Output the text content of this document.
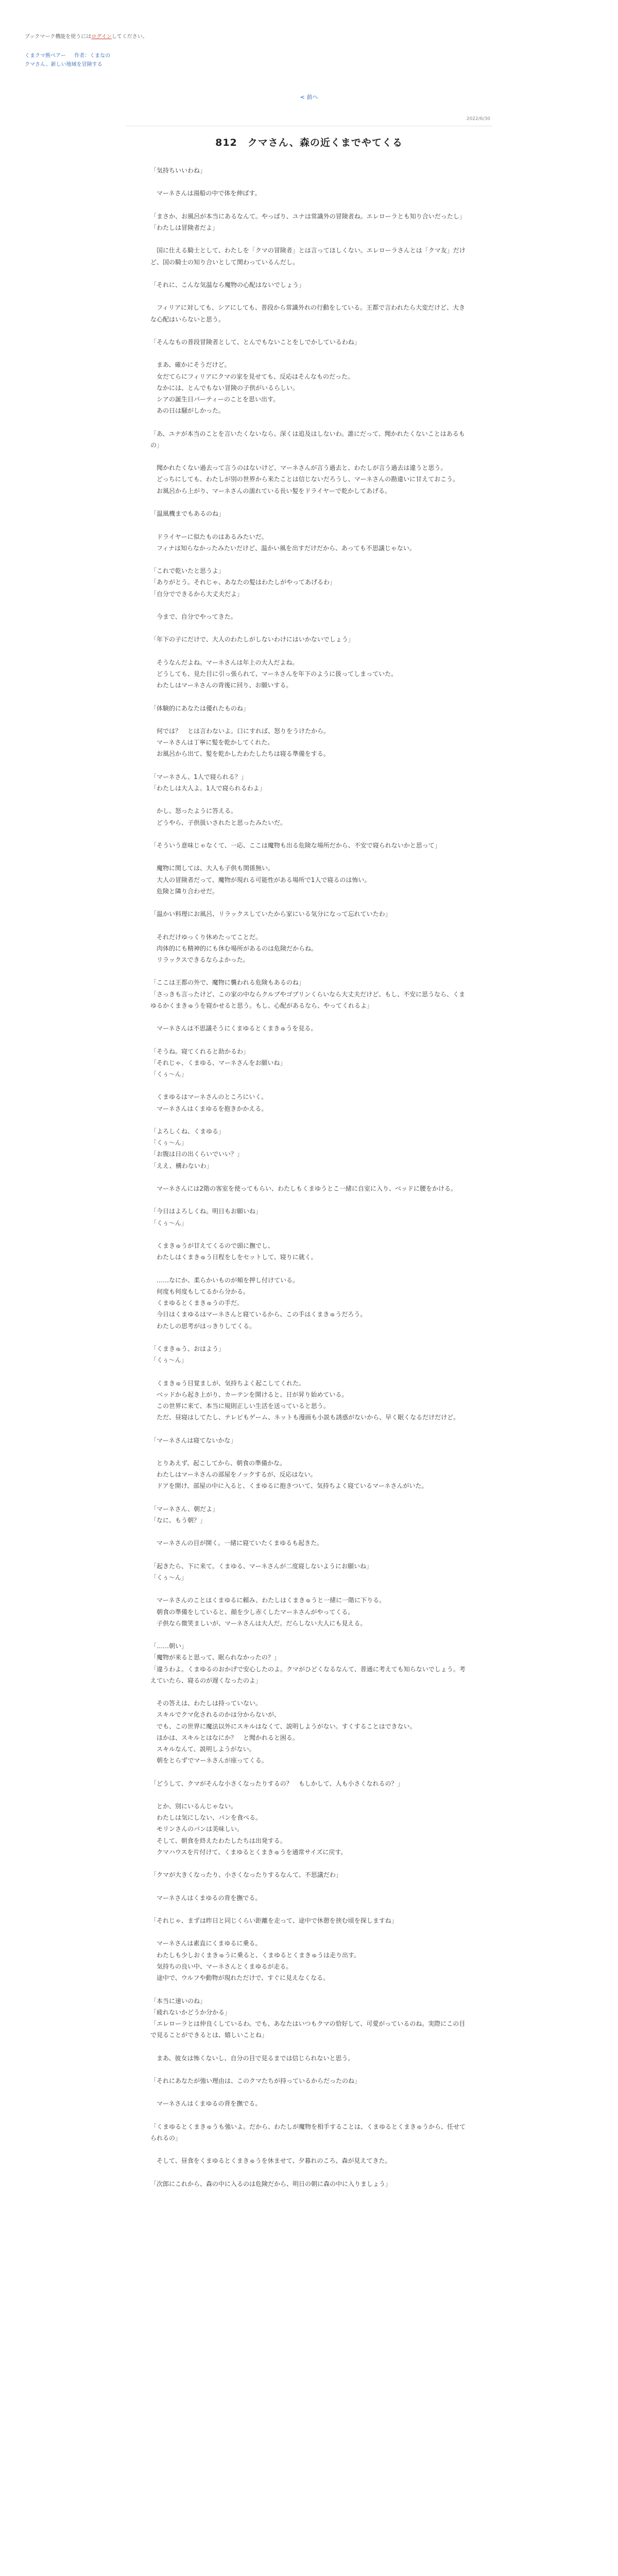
ブックマーク機能を使うにはログインしてください。
くまクマ熊ベアー 　 作者：くまなの
クマさん、新しい地域を冒険する
< 前へ
2022/6/30
812　クマさん、森の近くまでやてくる

「気持ちいいわね」

　マーネさんは湯船の中で体を伸ばす。

「まさか、お風呂が本当にあるなんて。やっぱり、ユナは常識外の冒険者ね。エレローラとも知り合いだったし」

「わたしは冒険者だよ」

　国に仕える騎士として、わたしを「クマの冒険者」とは言ってほしくない。エレローラさんとは「クマ友」だけど、国の騎士の知り合いとして関わっているんだし。

「それに、こんな気温なら魔物の心配はないでしょう」

　フィリアに対しても、シアにしても、普段から常識外れの行動をしている。王都で言われたら大変だけど、大きな心配はいらないと思う。

「そんなもの普段冒険者として、とんでもないことをしでかしているわね」

　まあ、確かにそうだけど。

　女だてらにフィリアにクマの家を見せても、反応はそんなものだった。

　なかには、とんでもない冒険の子供がいるらしい。

　シアの誕生日パーティーのことを思い出す。

　あの日は騒がしかった。

「あ、ユナが本当のことを言いたくないなら、深くは追及はしないわ。誰にだって、聞かれたくないことはあるもの」

　聞かれたくない過去って言うのはないけど、マーネさんが言う過去と、わたしが言う過去は違うと思う。

　どっちにしても、わたしが別の世界から来たことは信じないだろうし、マーネさんの勘違いに甘えておこう。

　お風呂から上がり、マーネさんの濡れている長い髪をドライヤーで乾かしてあげる。

「温風機までもあるのね」

　ドライヤーに似たものはあるみたいだ。

　フィナは知らなかったみたいだけど、温かい風を出すだけだから、あっても不思議じゃない。

「これで乾いたと思うよ」

「ありがとう。それじゃ、あなたの髪はわたしがやってあげるわ」

「自分でできるから大丈夫だよ」

　今まで、自分でやってきた。

「年下の子にだけで、大人のわたしがしないわけにはいかないでしょう」

　そうなんだよね。マーネさんは年上の大人だよね。

　どうしても、見た目に引っ張られて、マーネさんを年下のように扱ってしまっていた。

　わたしはマーネさんの背後に回り、お願いする。

「体験的にあなたは優れたものね」

　何では？　とは言わないよ。口にすれば、怒りをうけたから。

　マーネさんは丁寧に髪を乾かしてくれた。

　お風呂から出て、髪を乾かしたわたしたちは寝る準備をする。

「マーネさん、1人で寝られる？」

「わたしは大人よ。1人で寝られるわよ」

　かし、怒ったように答える。

　どうやら、子供扱いされたと思ったみたいだ。

「そういう意味じゃなくて、一応、ここは魔物も出る危険な場所だから、不安で寝られないかと思って」

　魔物に関しては、大人も子供も関係無い。

　大人の冒険者だって、魔物が現れる可能性がある場所で1人で寝るのは怖い。

　危険と隣り合わせだ。

「温かい料理にお風呂、リラックスしていたから家にいる気分になって忘れていたわ」

　それだけゆっくり休めたってことだ。

　肉体的にも精神的にも休む場所があるのは危険だからね。

　リラックスできるならよかった。

「ここは王都の外で、魔物に襲われる危険もあるのね」

「さっきも言ったけど、この家の中ならクルブやゴブリンくらいなら大丈夫だけど、もし、不安に思うなら、くまゆるかくまきゅうを寝かせると思う。もし、心配があるなら、やってくれるよ」

　マーネさんは不思議そうにくまゆるとくまきゅうを見る。

「そうね。寝てくれると助かるわ」

「それじゃ、くまゆる、マーネさんをお願いね」

「くぅ～ん」

　くまゆるはマーネさんのところにいく。

　マーネさんはくまゆるを抱きかかえる。

「よろしくね、くまゆる」

「くぅ～ん」

「お腹は日の出くらいでいい？」

「ええ、構わないわ」

　マーネさんには2階の客室を使ってもらい、わたしもくまゆうとこ一緒に自室に入り、ベッドに腰をかける。

「今日はよろしくね。明日もお願いね」

「くぅ～ん」

　くまきゅうが甘えてくるので頭に撫でし、

　わたしはくまきゅう日程をしをセットして、寝りに就く。

　……なにか、柔らかいものが頬を押し付けている。

　何度も何度もしてるから分かる。

　くまゆるとくまきゅうの手だ。

　今日はくまゆるはマーネさんと寝ているから、この手はくまきゅうだろう。

　わたしの思考がはっきりしてくる。

「くまきゅう、おはよう」

「くぅ～ん」

　くまきゅう目覚ましが、気持ちよく起こしてくれた。

　ベッドから起き上がり、カーテンを開けると、日が昇り始めている。

　この世界に来て、本当に規則正しい生活を送っていると思う。

　ただ、昼寝はしてたし、テレビもゲーム、ネットも漫画も小説も誘惑がないから、早く眠くなるだけだけど。

「マーネさんは寝てないかな」

　とりあえず、起こしてから、朝食の準備かな。

　わたしはマーネさんの部屋をノックするが、反応はない。

　ドアを開け、部屋の中に入ると、くまゆるに抱きついて、気持ちよく寝ているマーネさんがいた。

「マーネさん、朝だよ」

「なに、もう朝？」

　マーネさんの目が開く。一緒に寝ていたくまゆるも起きた。

「起きたら、下に来て。くまゆる、マーネさんが二度寝しないようにお願いね」

「くぅ～ん」

　マーネさんのことはくまゆるに頼み、わたしはくまきゅうと一緒に一階に下りる。

　朝食の準備をしていると、顔を少し赤くしたマーネさんがやってくる。

　子供なら微笑ましいが、マーネさんは大人だ。だらしない大人にも見える。

「……朝い」

「魔物が来ると思って、眠られなかったの？」

「違うわよ。くまゆるのおかげで安心したのよ。クマがひどくなるなんて、普通に考えても知らないでしょう。考えていたら、寝るのが遅くなったのよ」

　その答えは、わたしは持っていない。

　スキルでクマ化されるのかは分からないが、

　でも、この世界に魔法以外にスキルはなくて、説明しようがない。すくすることはできない。

　ほかは、スキルとはなにか？　と聞かれると困る。

　スキルなんて、説明しようがない。

　朝をとらずでマーネさんが座ってくる。

「どうして、クマがそんな小さくなったりするの？　もしかして、人も小さくなれるの？」

　とか、別にいるんじゃない。

　わたしは気にしない、パンを食べる。

　モリンさんのパンは美味しい。

　そして、朝食を終えたわたしたちは出発する。

　クマハウスを片付けて、くまゆるとくまきゅうを通常サイズに戻す。

「クマが大きくなったり、小さくなったりするなんて、不思議だわ」

　マーネさんはくまゆるの背を撫でる。

「それじゃ、まずは昨日と同じくらい距離を走って、途中で休憩を挟む頃を探しますね」

　マーネさんは素直にくまゆるに乗る。

　わたしも少しおくまきゅうに乗ると、くまゆるとくまきゅうは走り出す。

　気持ちの良い中、マーネさんとくまゆるが走る。

　途中で、ウルフや動物が現れただけで、すぐに見えなくなる。

「本当に速いのね」

「疲れないかどうか分かる」

「エレローラとは仲良くしているわ。でも、あなたはいつもクマの恰好して、可愛がっているのね。実際にこの目で見ることができるとは、嬉しいことね」

　まあ、彼女は怖くないし、自分の目で見るまでは信じられないと思う。

「それにあなたが強い理由は、このクマたちが持っているからだったのね」

　マーネさんはくまゆるの背を撫でる。

「くまゆるとくまきゅうも強いよ。だから、わたしが魔物を相手することは、くまゆるとくまきゅうから、任せてられるの」

　そして、昼食をくまゆるとくまきゅうを休ませて、夕暮れのころ、森が見えてきた。

「次郎にこれから、森の中に入るのは危険だから、明日の朝に森の中に入りましょう」
